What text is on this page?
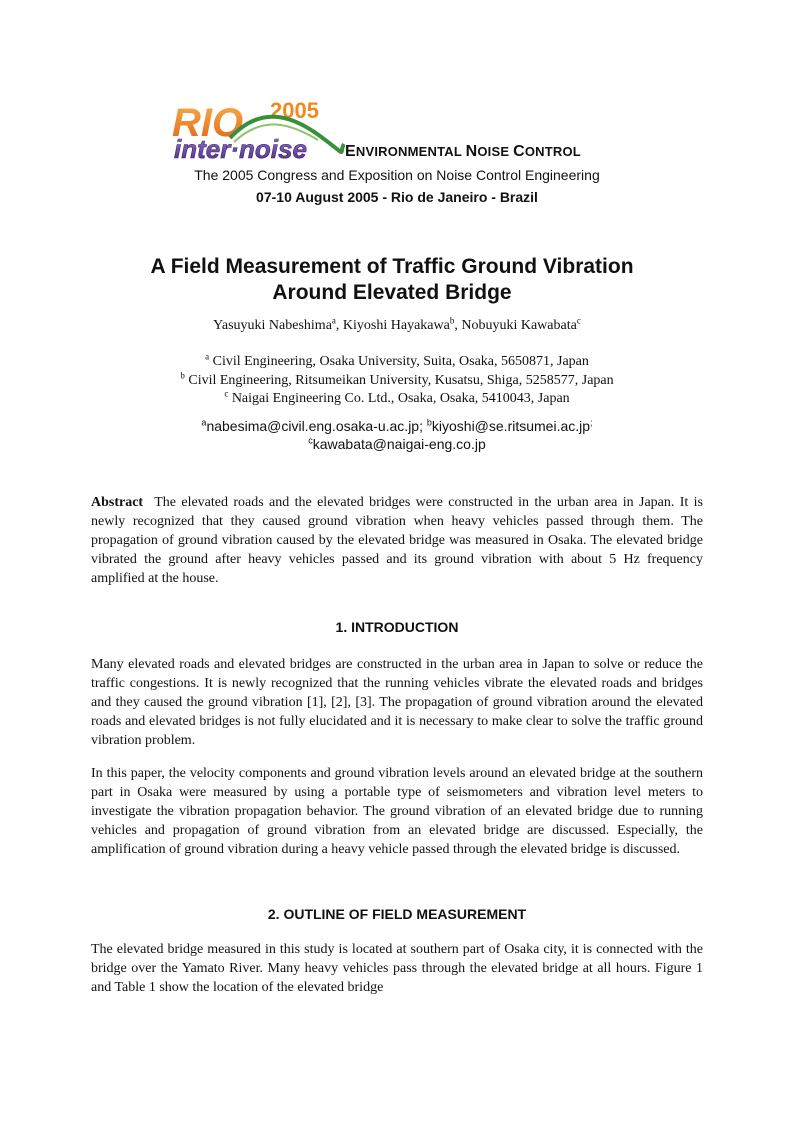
RIO 2005
inter·noise ENVIRONMENTAL NOISE CONTROL
The 2005 Congress and Exposition on Noise Control Engineering
07-10 August 2005 - Rio de Janeiro - Brazil
A Field Measurement of Traffic Ground Vibration
Around Elevated Bridge
Yasuyuki Nabeshima$^a$, Kiyoshi Hayakawa$^b$, Nobuyuki Kawabata$^c$
$^a$ Civil Engineering, Osaka University, Suita, Osaka, 5650871, Japan
$^b$ Civil Engineering, Ritsumeikan University, Kusatsu, Shiga, 5258577, Japan
$^c$ Naigai Engineering Co. Ltd., Osaka, Osaka, 5410043, Japan
$^a$nabesima@civil.eng.osaka-u.ac.jp; $^b$kiyoshi@se.ritsumei.ac.jp;
$^c$kawabata@naigai-eng.co.jp
Abstract The elevated roads and the elevated bridges were constructed in the urban area in Japan. It is newly recognized that they caused ground vibration when heavy vehicles passed through them. The propagation of ground vibration caused by the elevated bridge was measured in Osaka. The elevated bridge vibrated the ground after heavy vehicles passed and its ground vibration with about 5 Hz frequency amplified at the house.
1. INTRODUCTION
Many elevated roads and elevated bridges are constructed in the urban area in Japan to solve or reduce the traffic congestions. It is newly recognized that the running vehicles vibrate the elevated roads and bridges and they caused the ground vibration [1], [2], [3]. The propagation of ground vibration around the elevated roads and elevated bridges is not fully elucidated and it is necessary to make clear to solve the traffic ground vibration problem.
In this paper, the velocity components and ground vibration levels around an elevated bridge at the southern part in Osaka were measured by using a portable type of seismometers and vibration level meters to investigate the vibration propagation behavior. The ground vibration of an elevated bridge due to running vehicles and propagation of ground vibration from an elevated bridge are discussed. Especially, the amplification of ground vibration during a heavy vehicle passed through the elevated bridge is discussed.
2. OUTLINE OF FIELD MEASUREMENT
The elevated bridge measured in this study is located at southern part of Osaka city, it is connected with the bridge over the Yamato River. Many heavy vehicles pass through the elevated bridge at all hours. Figure 1 and Table 1 show the location of the elevated bridge
